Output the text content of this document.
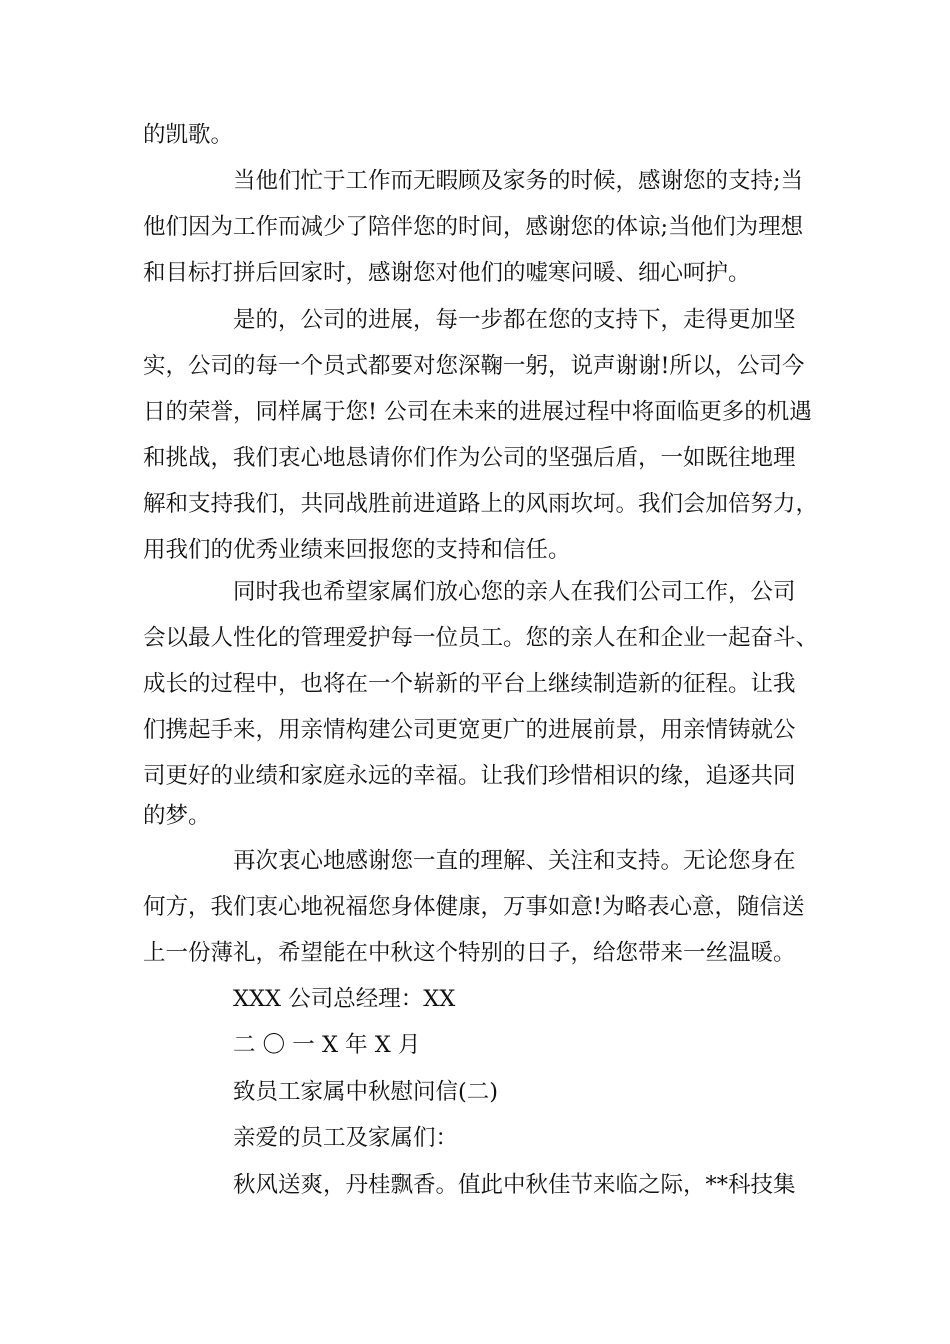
的凯歌。
当他们忙于工作而无暇顾及家务的时候，感谢您的支持;当
他们因为工作而减少了陪伴您的时间，感谢您的体谅;当他们为理想
和目标打拼后回家时，感谢您对他们的嘘寒问暖、细心呵护。
是的，公司的进展，每一步都在您的支持下，走得更加坚
实，公司的每一个员式都要对您深鞠一躬，说声谢谢!所以，公司今
日的荣誉，同样属于您! 公司在未来的进展过程中将面临更多的机遇
和挑战，我们衷心地恳请你们作为公司的坚强后盾，一如既往地理
解和支持我们，共同战胜前进道路上的风雨坎坷。我们会加倍努力，
用我们的优秀业绩来回报您的支持和信任。
同时我也希望家属们放心您的亲人在我们公司工作，公司
会以最人性化的管理爱护每一位员工。您的亲人在和企业一起奋斗、
成长的过程中，也将在一个崭新的平台上继续制造新的征程。让我
们携起手来，用亲情构建公司更宽更广的进展前景，用亲情铸就公
司更好的业绩和家庭永远的幸福。让我们珍惜相识的缘，追逐共同
的梦。
再次衷心地感谢您一直的理解、关注和支持。无论您身在
何方，我们衷心地祝福您身体健康，万事如意!为略表心意，随信送
上一份薄礼，希望能在中秋这个特别的日子，给您带来一丝温暖。
XXX 公司总经理：XX
二 〇 一 X 年 X 月
致员工家属中秋慰问信(二)
亲爱的员工及家属们：
秋风送爽，丹桂飘香。值此中秋佳节来临之际，**科技集
